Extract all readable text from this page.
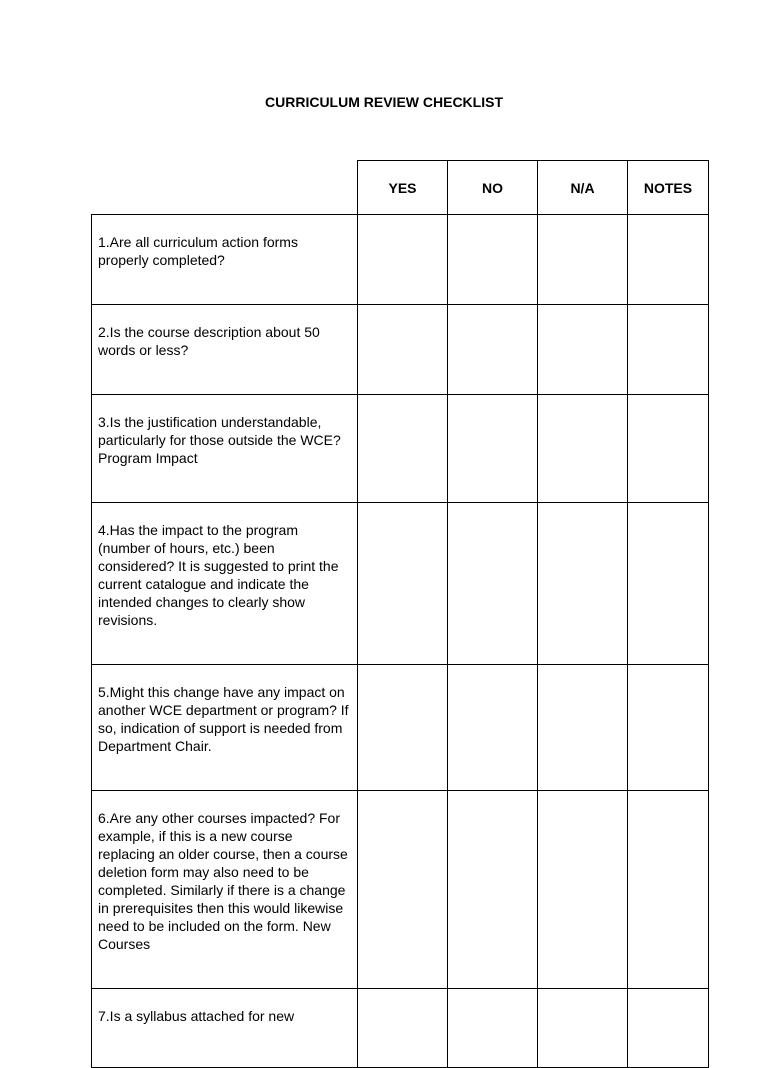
CURRICULUM REVIEW CHECKLIST
	YES	NO	N/A	NOTES
1.Are all curriculum action forms properly completed?				
2.Is the course description about 50 words or less?				
3.Is the justification understandable, particularly for those outside the WCE? Program Impact				
4.Has the impact to the program (number of hours, etc.) been considered? It is suggested to print the current catalogue and indicate the intended changes to clearly show revisions.				
5.Might this change have any impact on another WCE department or program? If so, indication of support is needed from Department Chair.				
6.Are any other courses impacted? For example, if this is a new course replacing an older course, then a course deletion form may also need to be completed. Similarly if there is a change in prerequisites then this would likewise need to be included on the form. New Courses				
7.Is a syllabus attached for new				
